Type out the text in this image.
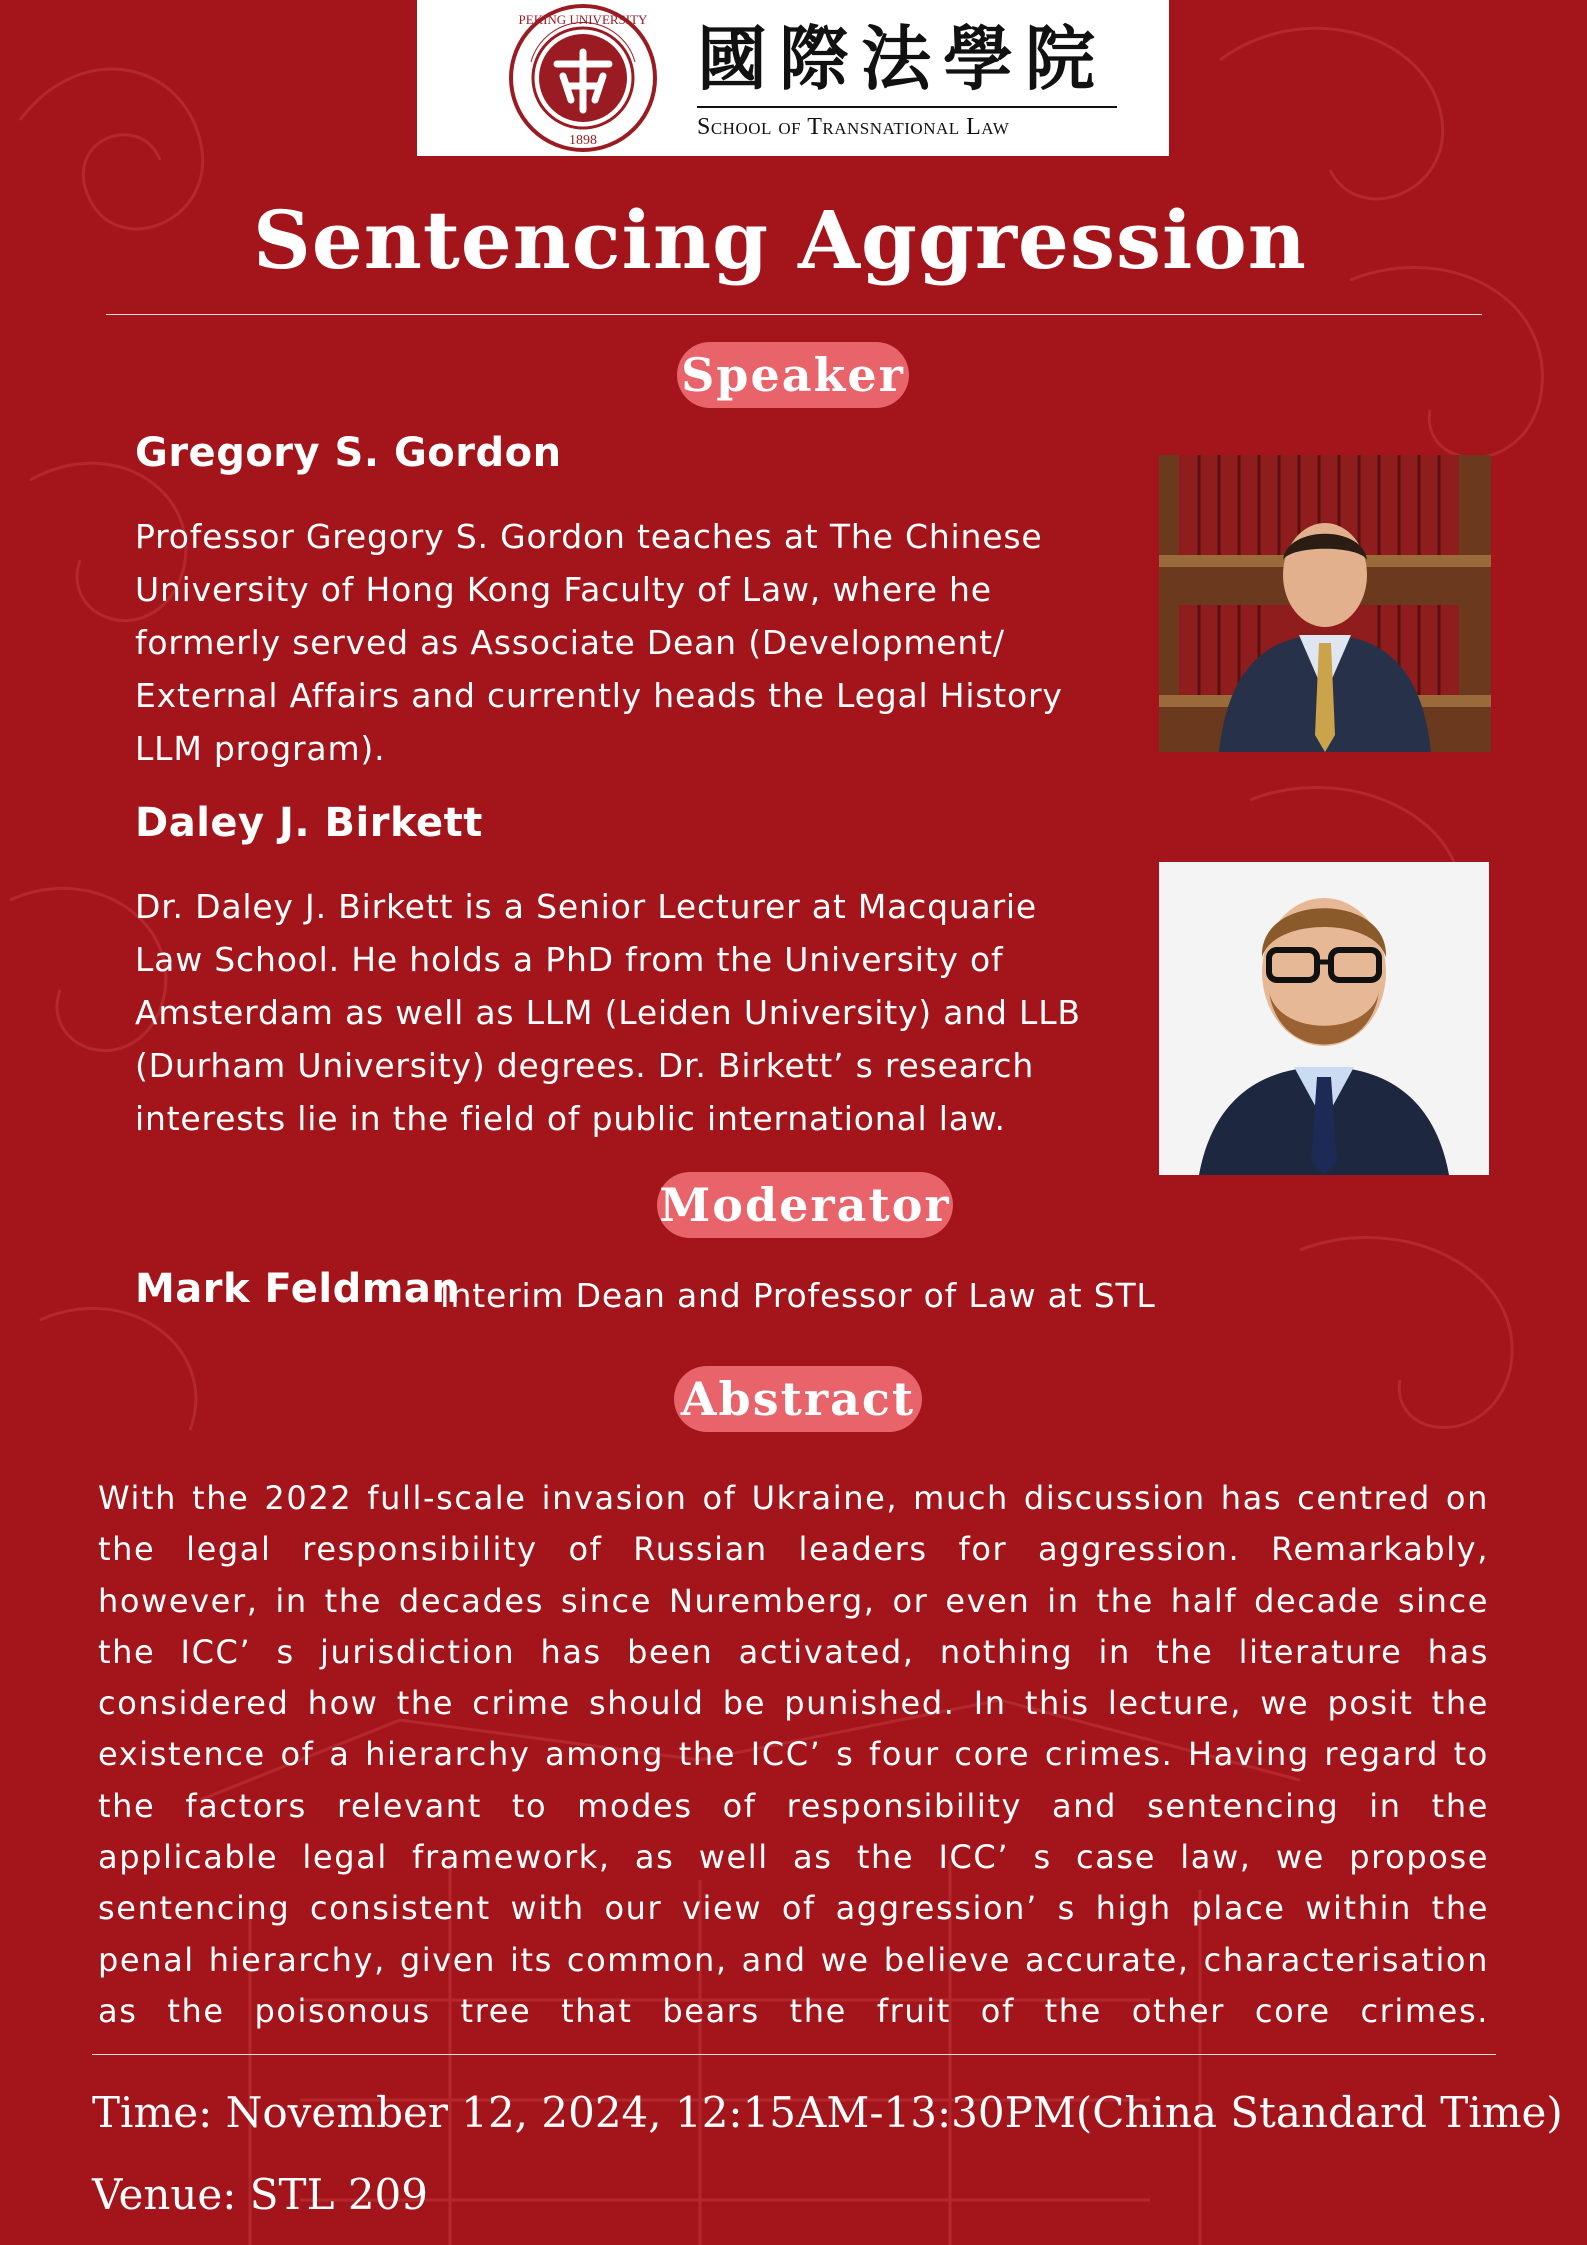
PEKING UNIVERSITY
1898
國際法學院
School of Transnational Law
Sentencing Aggression
Speaker
Gregory S. Gordon
Professor Gregory S. Gordon teaches at The Chinese
University of Hong Kong Faculty of Law, where he
formerly served as Associate Dean (Development/
External Affairs and currently heads the Legal History
LLM program).
Daley J. Birkett
Dr. Daley J. Birkett is a Senior Lecturer at Macquarie
Law School. He holds a PhD from the University of
Amsterdam as well as LLM (Leiden University) and LLB
(Durham University) degrees. Dr. Birkett’ s research
interests lie in the field of public international law.
Moderator
Mark Feldman
Interim Dean and Professor of Law at STL
Abstract
With the 2022 full-scale invasion of Ukraine, much discussion has centred on the legal responsibility of Russian leaders for aggression. Remarkably, however, in the decades since Nuremberg, or even in the half decade since the ICC’ s jurisdiction has been activated, nothing in the literature has considered how the crime should be punished. In this lecture, we posit the existence of a hierarchy among the ICC’ s four core crimes. Having regard to the factors relevant to modes of responsibility and sentencing in the applicable legal framework, as well as the ICC’ s case law, we propose sentencing consistent with our view of aggression’ s high place within the penal hierarchy, given its common, and we believe accurate, characterisation as the poisonous tree that bears the fruit of the other core crimes.
Time: November 12, 2024, 12:15AM-13:30PM(China Standard Time)
Venue: STL 209
